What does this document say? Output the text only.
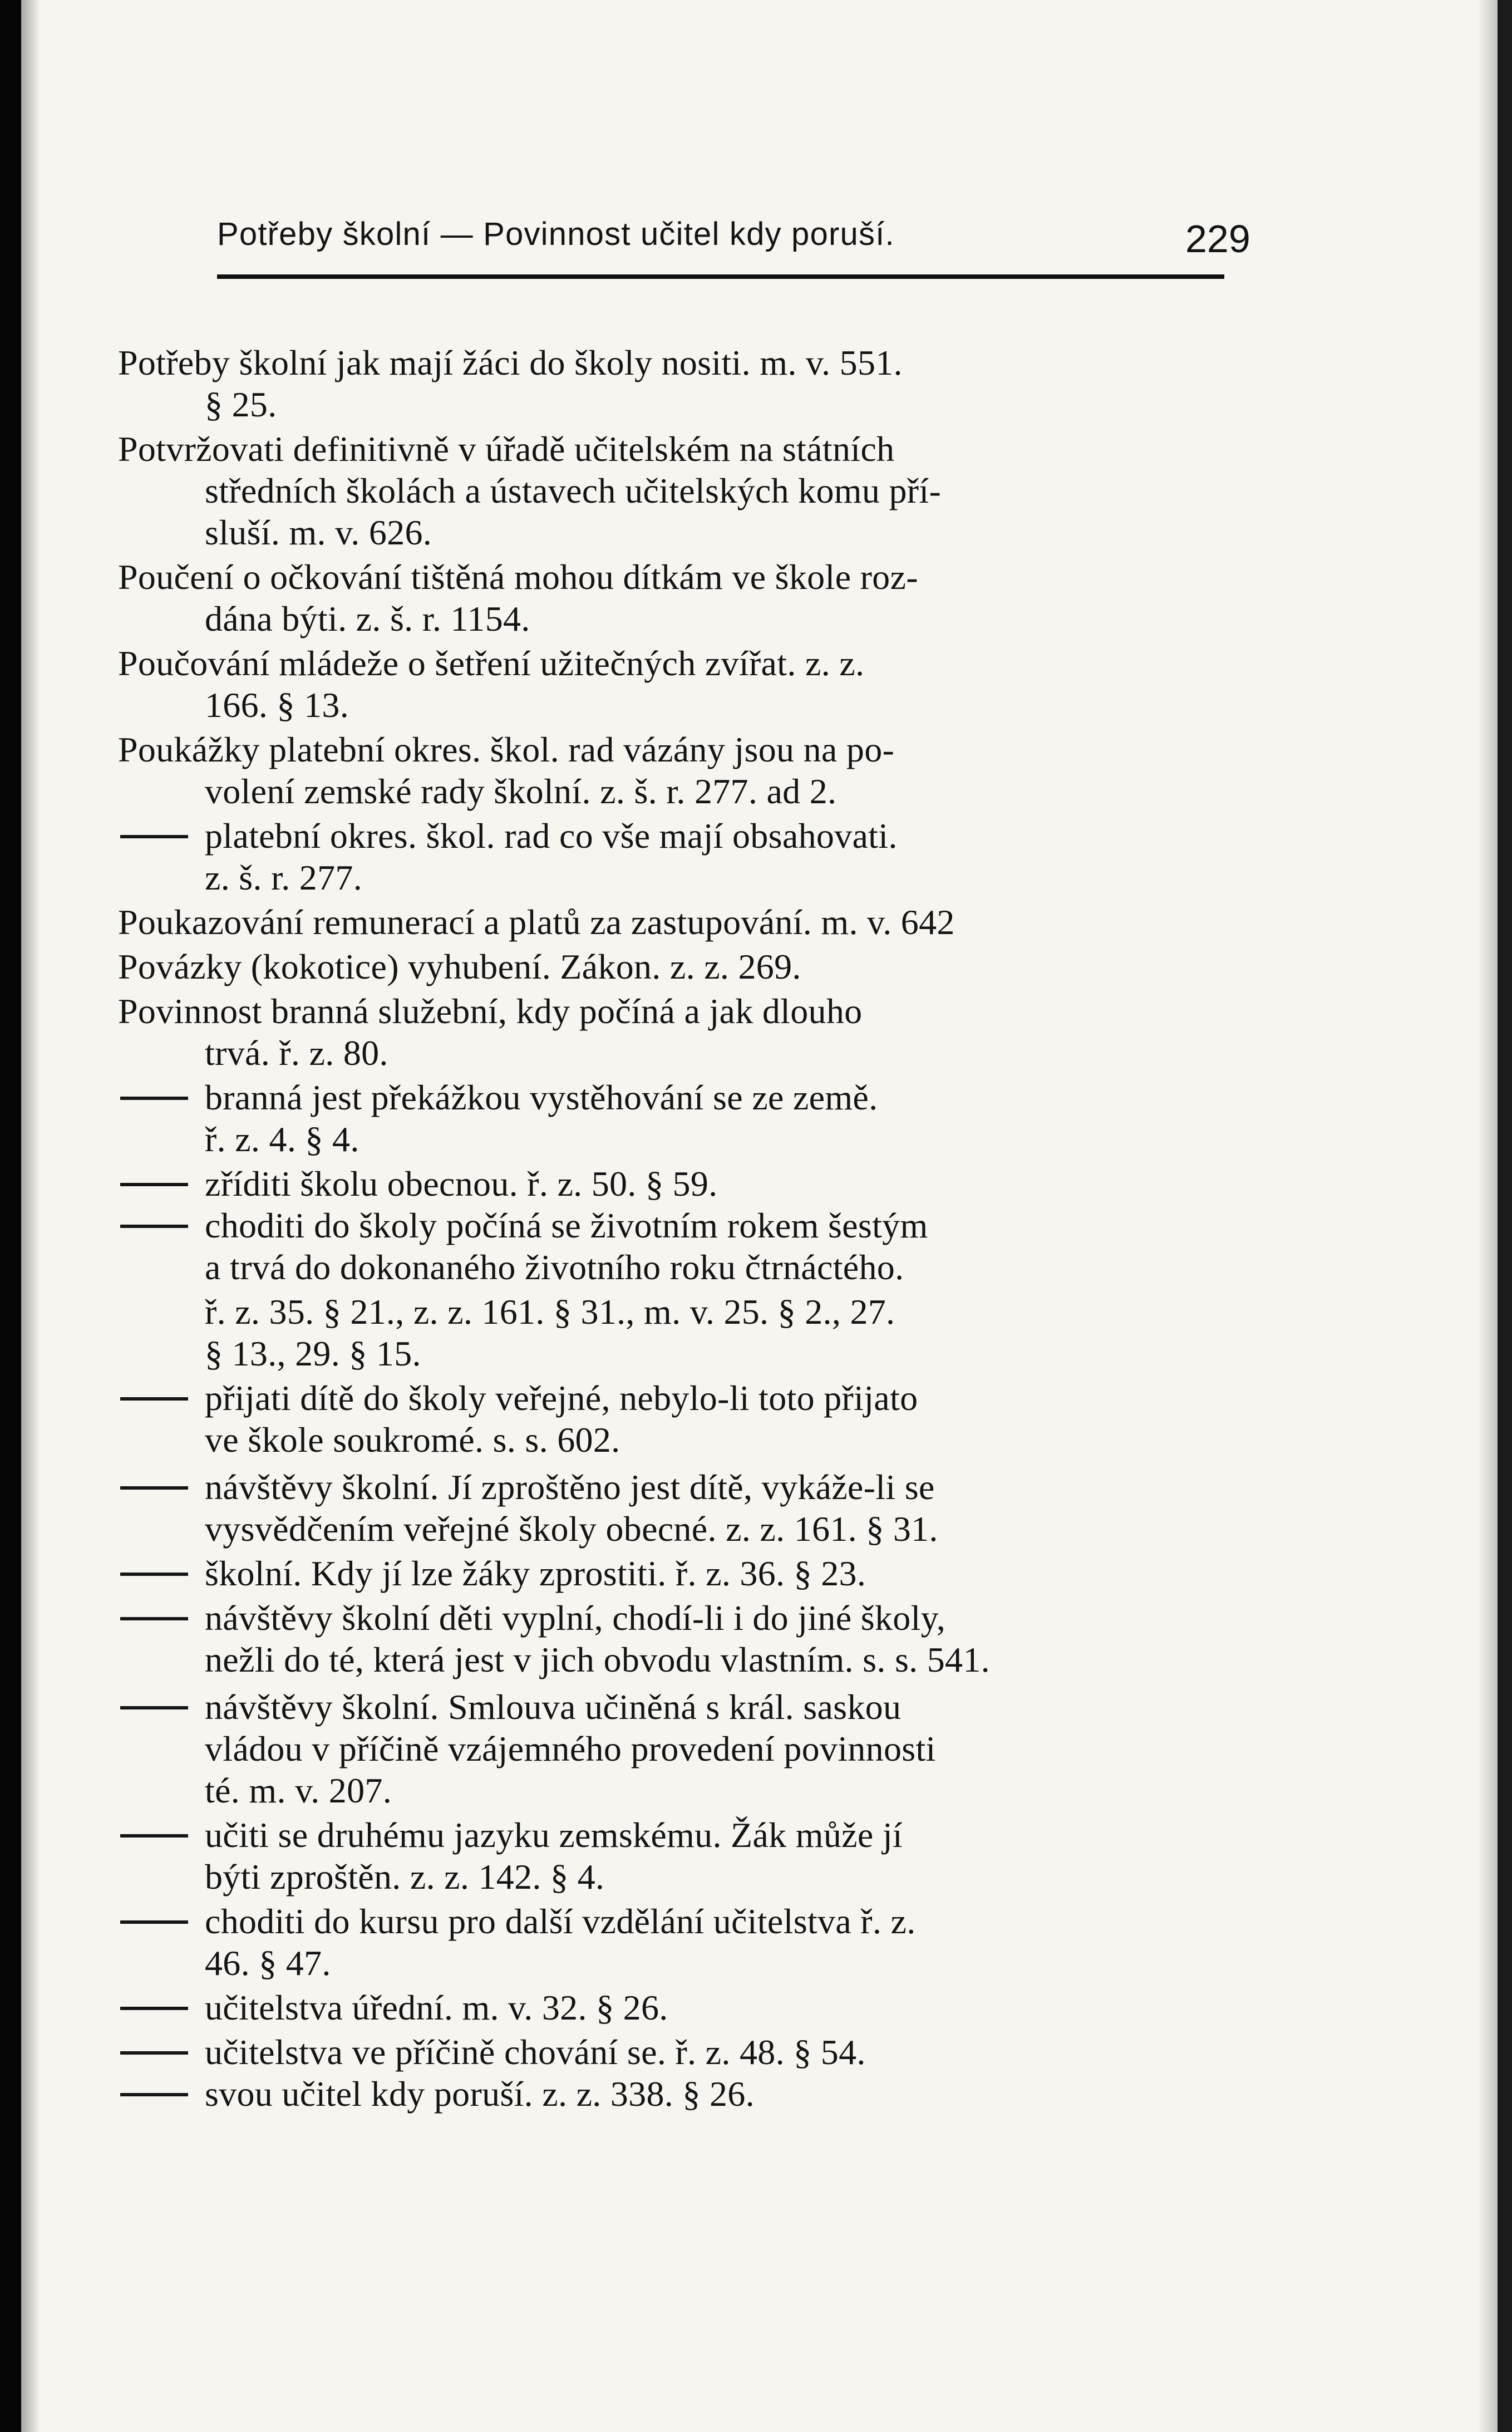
Potřeby školní — Povinnost učitel kdy poruší.	229
Potřeby školní jak mají žáci do školy nositi. m. v. 551.
§ 25.
Potvržovati definitivně v úřadě učitelském na státních
středních školách a ústavech učitelských komu pří-
sluší. m. v. 626.
Poučení o očkování tištěná mohou dítkám ve škole roz-
dána býti. z. š. r. 1154.
Poučování mládeže o šetření užitečných zvířat. z. z.
166. § 13.
Poukážky platební okres. škol. rad vázány jsou na po-
volení zemské rady školní. z. š. r. 277. ad 2.
platební okres. škol. rad co vše mají obsahovati.
z. š. r. 277.
Poukazování remunerací a platů za zastupování. m. v. 642
Povázky (kokotice) vyhubení. Zákon. z. z. 269.
Povinnost branná služební, kdy počíná a jak dlouho
trvá. ř. z. 80.
branná jest překážkou vystěhování se ze země.
ř. z. 4. § 4.
zříditi školu obecnou. ř. z. 50. § 59.
choditi do školy počíná se životním rokem šestým
a trvá do dokonaného životního roku čtrnáctého.
ř. z. 35. § 21., z. z. 161. § 31., m. v. 25. § 2., 27.
§ 13., 29. § 15.
přijati dítě do školy veřejné, nebylo-li toto přijato
ve škole soukromé. s. s. 602.
návštěvy školní. Jí zproštěno jest dítě, vykáže-li se
vysvědčením veřejné školy obecné. z. z. 161. § 31.
školní. Kdy jí lze žáky zprostiti. ř. z. 36. § 23.
návštěvy školní děti vyplní, chodí-li i do jiné školy,
nežli do té, která jest v jich obvodu vlastním. s. s. 541.
návštěvy školní. Smlouva učiněná s král. saskou
vládou v příčině vzájemného provedení povinnosti
té. m. v. 207.
učiti se druhému jazyku zemskému. Žák může jí
býti zproštěn. z. z. 142. § 4.
choditi do kursu pro další vzdělání učitelstva ř. z.
46. § 47.
učitelstva úřední. m. v. 32. § 26.
učitelstva ve příčině chování se. ř. z. 48. § 54.
svou učitel kdy poruší. z. z. 338. § 26.
